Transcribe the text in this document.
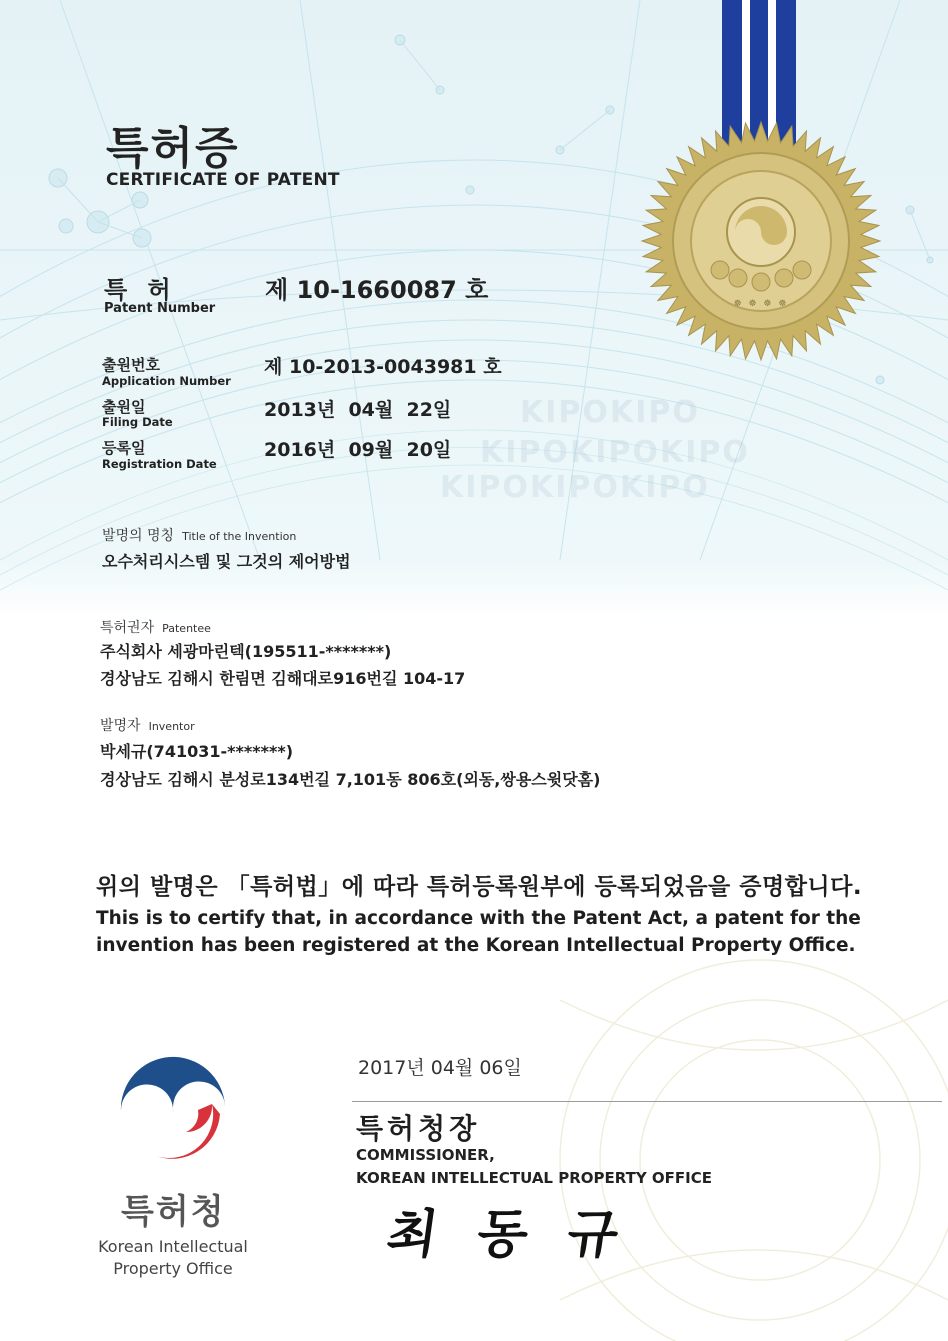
☸ ☸ ☸ ☸
KIPO KIPO
KIPO KIPO KIPO
KIPO KIPO KIPO
특허증
CERTIFICATE OF PATENT
특 허
Patent Number
제 10-1660087 호
출원번호
Application Number
제 10-2013-0043981 호
출원일
Filing Date
2013년  04월  22일
등록일
Registration Date
2016년  09월  20일
발명의 명칭 Title of the Invention
오수처리시스템 및 그것의 제어방법
특허권자 Patentee
주식회사 세광마린텍(195511-*******)
경상남도 김해시 한림면 김해대로916번길 104-17
발명자 Inventor
박세규(741031-*******)
경상남도 김해시 분성로134번길 7,101동 806호(외동,쌍용스윗닷홈)
위의 발명은 「특허법」에 따라 특허등록원부에 등록되었음을 증명합니다.
This is to certify that, in accordance with the Patent Act, a patent for the invention has been registered at the Korean Intellectual Property Office.
2017년 04월 06일
특허청장
COMMISSIONER,
KOREAN INTELLECTUAL PROPERTY OFFICE
최동규
특허청
Korean Intellectual
Property Office
